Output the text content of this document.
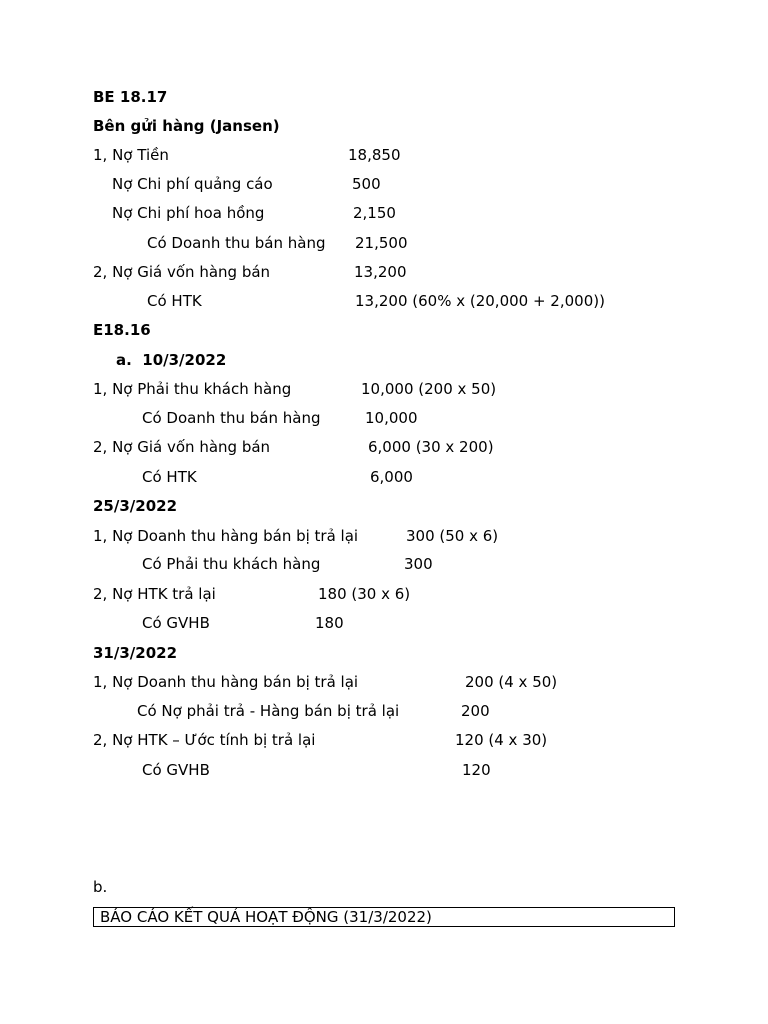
BE 18.17
Bên gửi hàng (Jansen)
1, Nợ Tiền	18,850
Nợ Chi phí quảng cáo	500
Nợ Chi phí hoa hồng	2,150
Có Doanh thu bán hàng 21,500
2, Nợ Giá vốn hàng bán	13,200
Có HTK	13,200 (60% x (20,000 + 2,000))
E18.16
a.  10/3/2022
1, Nợ Phải thu khách hàng	10,000 (200 x 50)
Có Doanh thu bán hàng	10,000
2, Nợ Giá vốn hàng bán	6,000 (30 x 200)
Có HTK	6,000
25/3/2022
1, Nợ Doanh thu hàng bán bị trả lại	300 (50 x 6)
Có Phải thu khách hàng	300
2, Nợ HTK trả lại	180 (30 x 6)
Có GVHB	180
31/3/2022
1, Nợ Doanh thu hàng bán bị trả lại	200 (4 x 50)
Có Nợ phải trả - Hàng bán bị trả lại	200
2, Nợ HTK – Ước tính bị trả lại	120 (4 x 30)
Có GVHB	120
b.
BÁO CÁO KẾT QUẢ HOẠT ĐỘNG (31/3/2022)
